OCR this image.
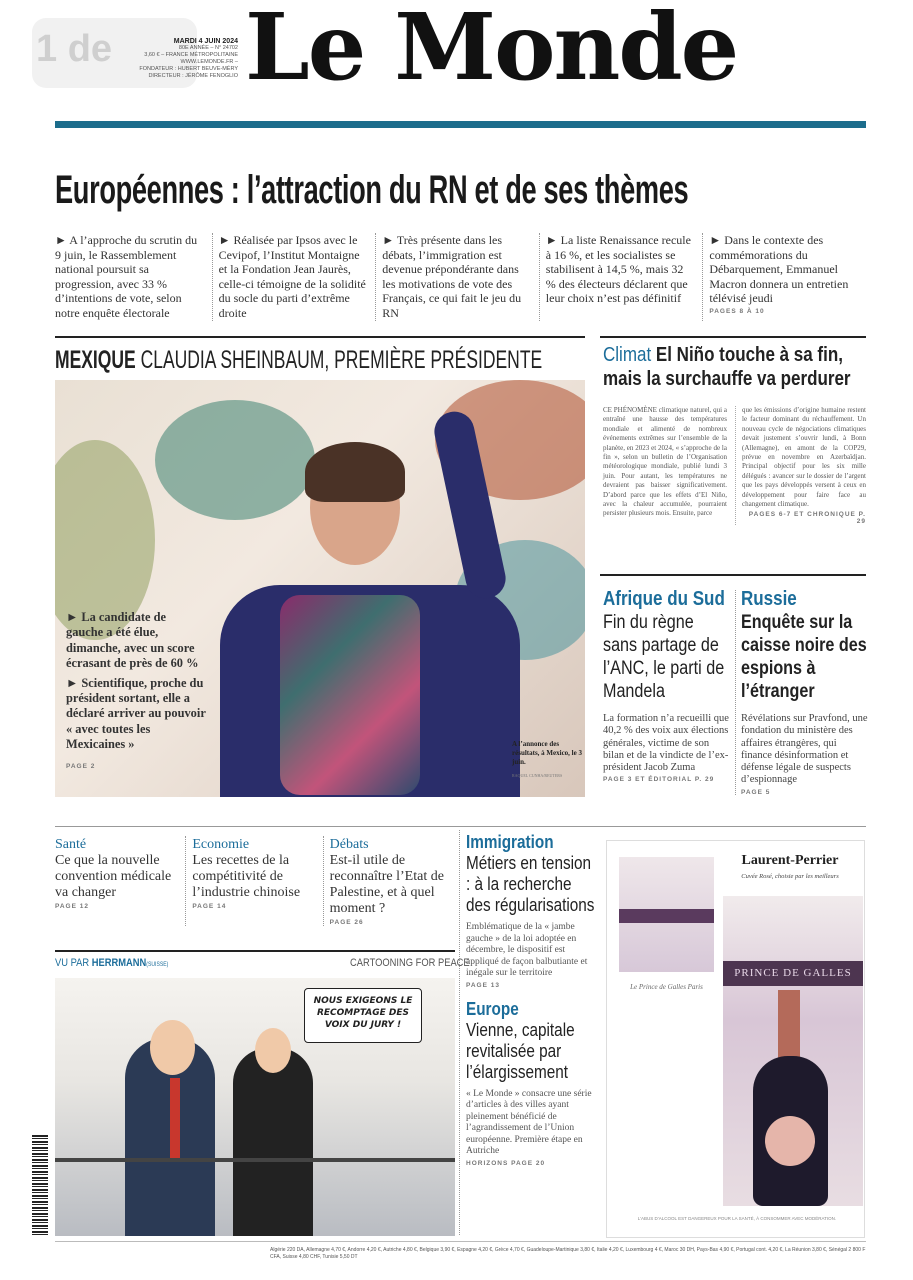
1 de	MARDI 4 JUIN 2024
80E ANNÉE – N° 24702
3,60 € – FRANCE MÉTROPOLITAINE
WWW.LEMONDE.FR –
FONDATEUR : HUBERT BEUVE-MÉRY
DIRECTEUR : JÉRÔME FENOGLIO Le Monde
Européennes : l’attraction du RN et de ses thèmes
► A l’approche du scrutin du 9 juin, le Rassemblement national poursuit sa progression, avec 33 % d’intentions de vote, selon notre enquête électorale
► Réalisée par Ipsos avec le Cevipof, l’Institut Montaigne et la Fondation Jean Jaurès, celle-ci témoigne de la solidité du socle du parti d’extrême droite
► Très présente dans les débats, l’immigration est devenue prépondérante dans les motivations de vote des Français, ce qui fait le jeu du RN
► La liste Renaissance recule à 16 %, et les socialistes se stabilisent à 14,5 %, mais 32 % des électeurs déclarent que leur choix n’est pas définitif
► Dans le contexte des commémorations du Débarquement, Emmanuel Macron donnera un entretien télévisé jeudi
PAGES 8 À 10
MEXIQUE CLAUDIA SHEINBAUM, PREMIÈRE PRÉSIDENTE
► La candidate de gauche a été élue, dimanche, avec un score écrasant de près de 60 %
► Scientifique, proche du président sortant, elle a déclaré arriver au pouvoir « avec toutes les Mexicaines »
PAGE 2
A l’annonce des résultats, à Mexico, le 3 juin.
RAQUEL CUNHA/REUTERS
Climat El Niño touche à sa fin, mais la surchauffe va perdurer
CE PHÉNOMÈNE climatique naturel, qui a entraîné une hausse des températures mondiale et alimenté de nombreux événements extrêmes sur l’ensemble de la planète, en 2023 et 2024, « s’approche de la fin », selon un bulletin de l’Organisation météorologique mondiale, publié lundi 3 juin. Pour autant, les températures ne devraient pas baisser significativement. D’abord parce que les effets d’El Niño, avec la chaleur accumulée, pourraient persister plusieurs mois. Ensuite, parce
que les émissions d’origine humaine restent le facteur dominant du réchauffement. Un nouveau cycle de négociations climatiques devait justement s’ouvrir lundi, à Bonn (Allemagne), en amont de la COP29, prévue en novembre en Azerbaïdjan. Principal objectif pour les six mille délégués : avancer sur le dossier de l’argent que les pays développés versent à ceux en développement pour faire face au changement climatique.
PAGES 6-7 ET CHRONIQUE P. 29
Afrique du Sud
Fin du règne sans partage de l’ANC, le parti de Mandela
La formation n’a recueilli que 40,2 % des voix aux élections générales, victime de son bilan et de la vindicte de l’ex-président Jacob Zuma
PAGE 3 ET ÉDITORIAL P. 29
Russie
Enquête sur la caisse noire des espions à l’étranger
Révélations sur Pravfond, une fondation du ministère des affaires étrangères, qui finance désinformation et défense légale de suspects d’espionnage
PAGE 5
Santé
Ce que la nouvelle convention médicale va changer
PAGE 12
Economie
Les recettes de la compétitivité de l’industrie chinoise
PAGE 14
Débats
Est-il utile de reconnaître l’Etat de Palestine, et à quel moment ?
PAGE 26
VU PAR HERRMANN(SUISSE)	CARTOONING FOR PEACE
NOUS EXIGEONS LE RECOMPTAGE DES VOIX DU JURY !
Immigration
Métiers en tension : à la recherche des régularisations
Emblématique de la « jambe gauche » de la loi adoptée en décembre, le dispositif est appliqué de façon balbutiante et inégale sur le territoire
PAGE 13
Europe
Vienne, capitale revitalisée par l’élargissement
« Le Monde » consacre une série d’articles à des villes ayant pleinement bénéficié de l’agrandissement de l’Union européenne. Première étape en Autriche
HORIZONS PAGE 20
Le Prince de Galles Paris
Laurent-Perrier
Cuvée Rosé, choisie par les meilleurs
PRINCE DE GALLES
L’ABUS D’ALCOOL EST DANGEREUX POUR LA SANTÉ, À CONSOMMER AVEC MODÉRATION.
Algérie 220 DA, Allemagne 4,70 €, Andorre 4,20 €, Autriche 4,80 €, Belgique 3,90 €, Espagne 4,20 €, Grèce 4,70 €, Guadeloupe-Martinique 3,80 €, Italie 4,20 €, Luxembourg 4 €, Maroc 30 DH, Pays-Bas 4,90 €, Portugal cont. 4,20 €, La Réunion 3,80 €, Sénégal 2 800 F CFA, Suisse 4,80 CHF, Tunisie 5,50 DT
